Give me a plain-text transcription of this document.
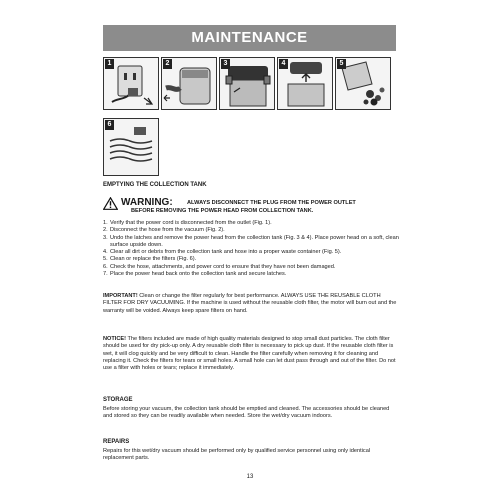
MAINTENANCE
1	2	3	4	5
6
EMPTYING THE COLLECTION TANK
WARNING:	ALWAYS DISCONNECT THE PLUG FROM THE POWER OUTLET
BEFORE REMOVING THE POWER HEAD FROM COLLECTION TANK.
1. Verify that the power cord is disconnected from the outlet (Fig. 1).
2. Disconnect the hose from the vacuum (Fig. 2).
3. Undo the latches and remove the power head from the collection tank (Fig. 3 & 4). Place power head on a soft, clean surface upside down.
4. Clear all dirt or debris from the collection tank and hose into a proper waste container (Fig. 5).
5. Clean or replace the filters (Fig. 6).
6. Check the hose, attachments, and power cord to ensure that they have not been damaged.
7. Place the power head back onto the collection tank and secure latches.

IMPORTANT! Clean or change the filter regularly for best performance. ALWAYS USE THE REUSABLE CLOTH FILTER FOR DRY VACUUMING. If the machine is used without the reusable cloth filter, the motor will burn out and the warranty will be voided. Always keep spare filters on hand.

NOTICE! The filters included are made of high quality materials designed to stop small dust particles. The cloth filter should be used for dry pick-up only. A dry reusable cloth filter is necessary to pick up dust. If the reusable cloth filter is wet, it will clog quickly and be very difficult to clean. Handle the filter carefully when removing it for cleaning and replacing it. Check the filters for tears or small holes. A small hole can let dust pass through and out of the filter. Do not use a filter with holes or tears; replace it immediately.

STORAGE

Before storing your vacuum, the collection tank should be emptied and cleaned. The accessories should be cleaned and stored so they can be readily available when needed. Store the wet/dry vacuum indoors.

REPAIRS

Repairs for this wet/dry vacuum should be performed only by qualified service personnel using only identical replacement parts.

13
